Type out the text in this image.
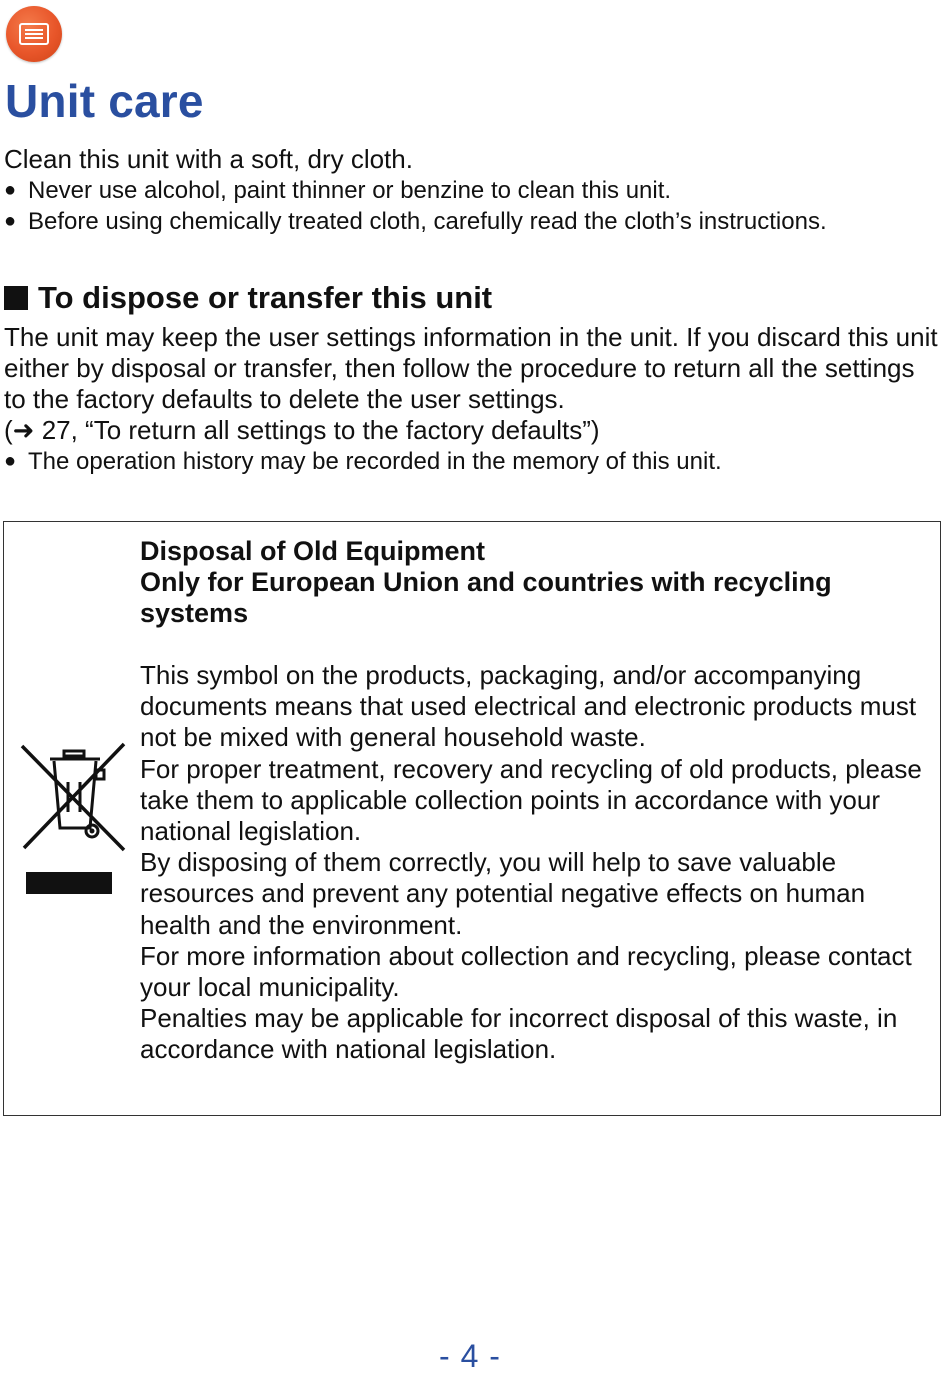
Unit care

Clean this unit with a soft, dry cloth.

● Never use alcohol, paint thinner or benzine to clean this unit.
● Before using chemically treated cloth, carefully read the cloth’s instructions.
To dispose or transfer this unit

The unit may keep the user settings information in the unit. If you discard this unit either by disposal or transfer, then follow the procedure to return all the settings to the factory defaults to delete the user settings.

(➜ 27, “To return all settings to the factory defaults”)

● The operation history may be recorded in the memory of this unit.

Disposal of Old Equipment

Only for European Union and countries with recycling systems

This symbol on the products, packaging, and/or accompanying documents means that used electrical and electronic products must not be mixed with general household waste.

For proper treatment, recovery and recycling of old products, please take them to applicable collection points in accordance with your national legislation.

By disposing of them correctly, you will help to save valuable resources and prevent any potential negative effects on human health and the environment.

For more information about collection and recycling, please contact your local municipality.

Penalties may be applicable for incorrect disposal of this waste, in accordance with national legislation.

- 4 -
